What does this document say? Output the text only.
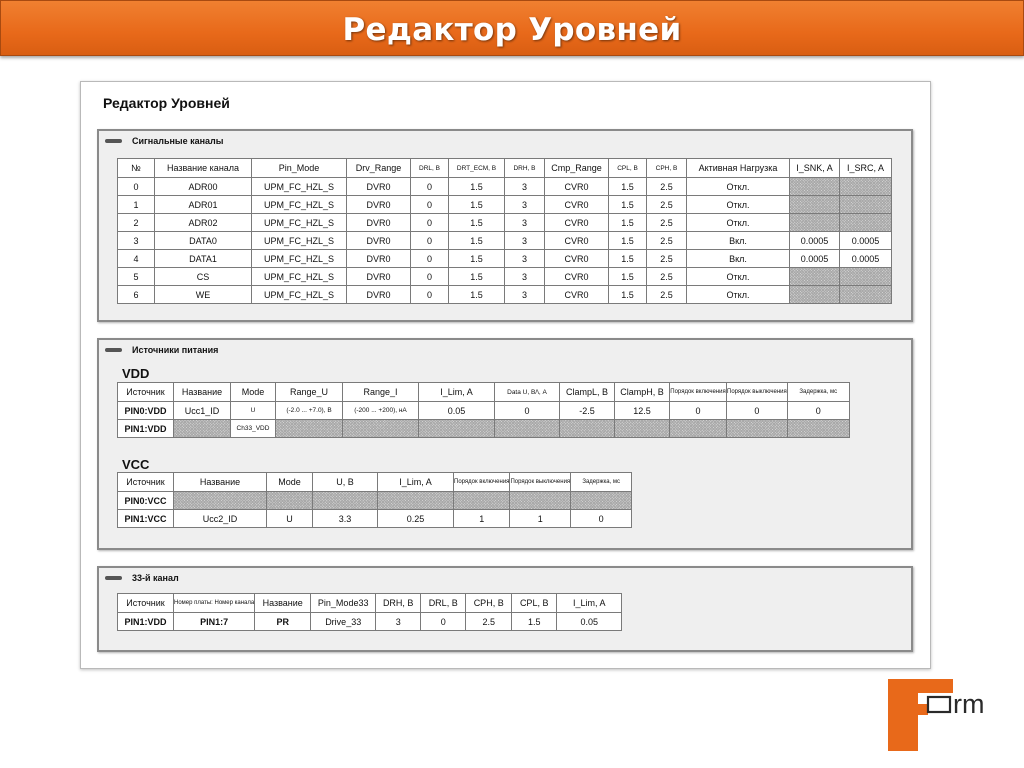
Редактор Уровней
Редактор Уровней
Сигнальные каналы
№	Название канала	Pin_Mode	Drv_Range	DRL, В	DRT_ECM, В	DRH, В	Cmp_Range	CPL, В	CPH, В	Активная Нагрузка	I_SNK, A	I_SRC, A
0	ADR00	UPM_FC_HZL_S	DVR0	0	1.5	3	CVR0	1.5	2.5	Откл.		
1	ADR01	UPM_FC_HZL_S	DVR0	0	1.5	3	CVR0	1.5	2.5	Откл.		
2	ADR02	UPM_FC_HZL_S	DVR0	0	1.5	3	CVR0	1.5	2.5	Откл.		
3	DATA0	UPM_FC_HZL_S	DVR0	0	1.5	3	CVR0	1.5	2.5	Вкл.	0.0005	0.0005
4	DATA1	UPM_FC_HZL_S	DVR0	0	1.5	3	CVR0	1.5	2.5	Вкл.	0.0005	0.0005
5	CS	UPM_FC_HZL_S	DVR0	0	1.5	3	CVR0	1.5	2.5	Откл.		
6	WE	UPM_FC_HZL_S	DVR0	0	1.5	3	CVR0	1.5	2.5	Откл.		
Источники питания
VDD
Источник	Название	Mode	Range_U	Range_I	I_Lim, A	Data U, В/\, A	ClampL, В	ClampH, В	Порядок включения	Порядок выключения	Задержка, мс
PIN0:VDD	Ucc1_ID	U	(-2.0 ... +7.0), В	(-200 ... +200), нА	0.05	0	-2.5	12.5	0	0	0
PIN1:VDD		Ch33_VDD									
VCC
Источник	Название	Mode	U, В	I_Lim, A	Порядок включения	Порядок выключения	Задержка, мс
PIN0:VCC							
PIN1:VCC	Ucc2_ID	U	3.3	0.25	1	1	0
33-й канал
Источник	Номер платы: Номер канала	Название	Pin_Mode33	DRH, В	DRL, В	CPH, В	CPL, В	I_Lim, A
PIN1:VDD	PIN1:7	PR	Drive_33	3	0	2.5	1.5	0.05
rm
